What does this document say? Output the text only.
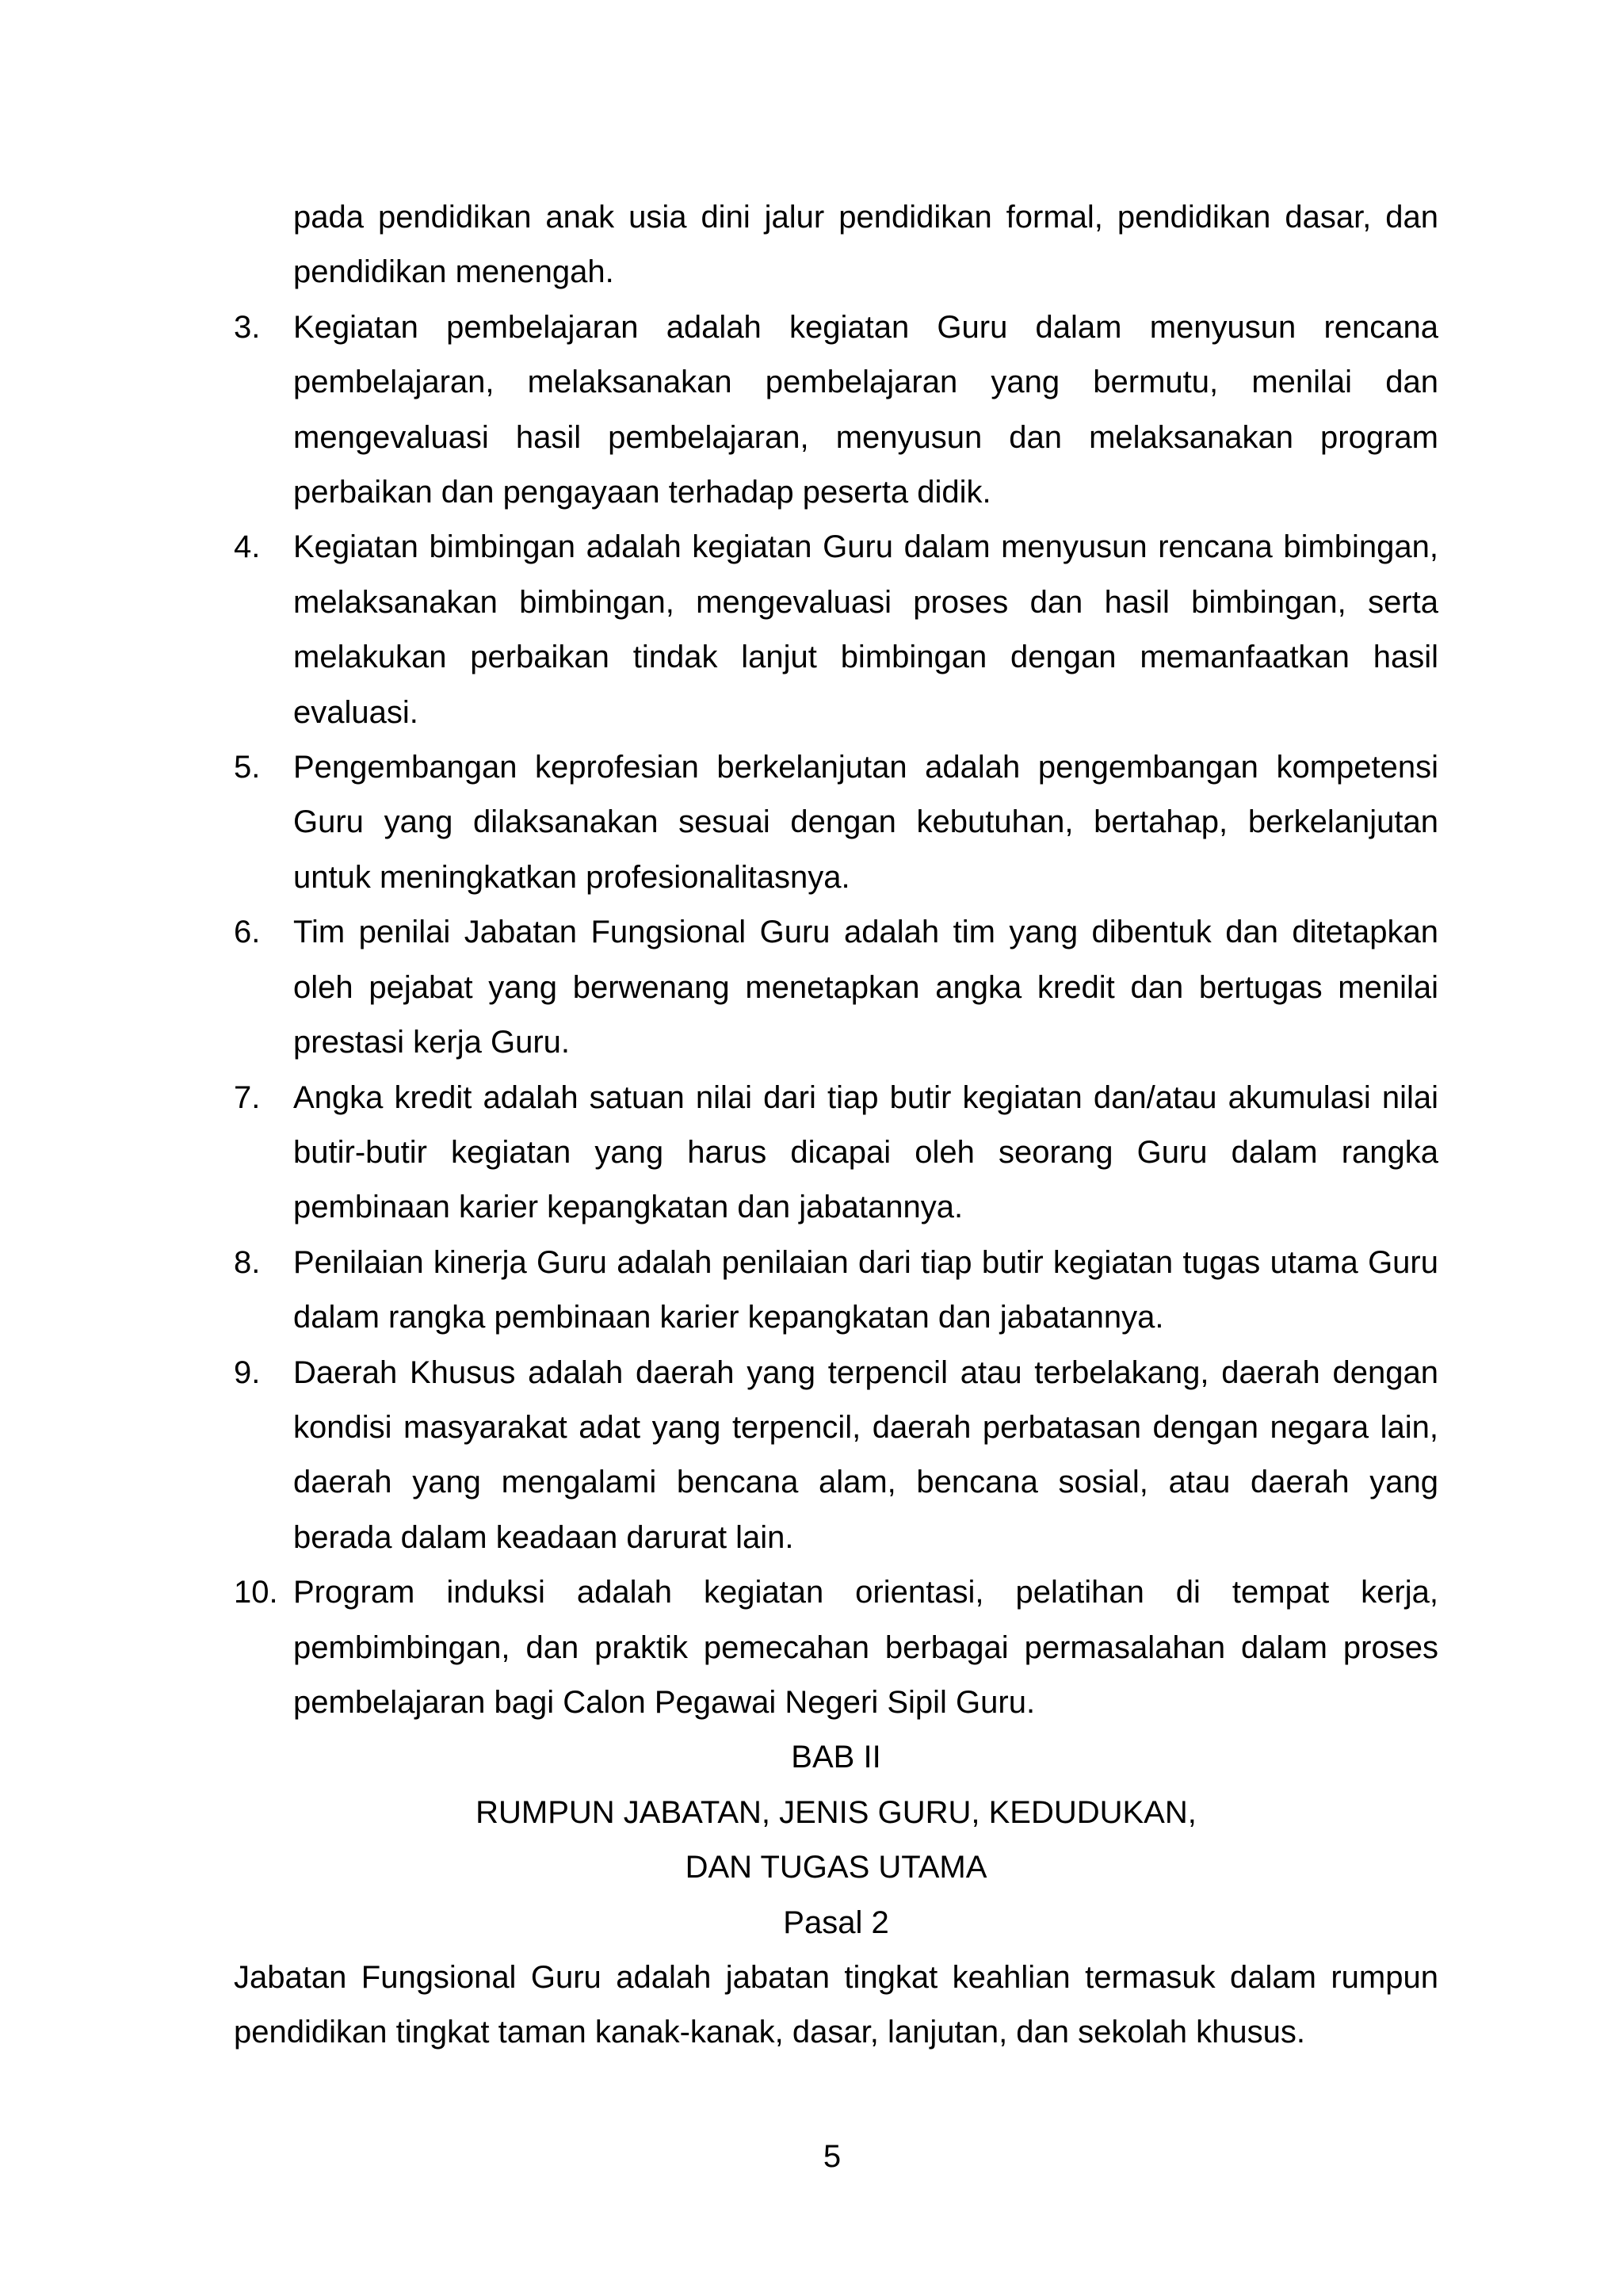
pada pendidikan anak usia dini jalur pendidikan formal, pendidikan dasar, dan pendidikan menengah.
3. Kegiatan pembelajaran adalah kegiatan Guru dalam menyusun rencana pembelajaran, melaksanakan pembelajaran yang bermutu, menilai dan mengevaluasi hasil pembelajaran, menyusun dan melaksanakan program perbaikan dan pengayaan terhadap peserta didik.
4. Kegiatan bimbingan adalah kegiatan Guru dalam menyusun rencana bimbingan, melaksanakan bimbingan, mengevaluasi proses dan hasil bimbingan, serta melakukan perbaikan tindak lanjut bimbingan dengan memanfaatkan hasil evaluasi.
5. Pengembangan keprofesian berkelanjutan adalah pengembangan kompetensi Guru yang dilaksanakan sesuai dengan kebutuhan, bertahap, berkelanjutan untuk meningkatkan profesionalitasnya.
6. Tim penilai Jabatan Fungsional Guru adalah tim yang dibentuk dan ditetapkan oleh pejabat yang berwenang menetapkan angka kredit dan bertugas menilai prestasi kerja Guru.
7. Angka kredit adalah satuan nilai dari tiap butir kegiatan dan/atau akumulasi nilai butir-butir kegiatan yang harus dicapai oleh seorang Guru dalam rangka pembinaan karier kepangkatan dan jabatannya.
8. Penilaian kinerja Guru adalah penilaian dari tiap butir kegiatan tugas utama Guru dalam rangka pembinaan karier kepangkatan dan jabatannya.
9. Daerah Khusus adalah daerah yang terpencil atau terbelakang, daerah dengan kondisi masyarakat adat yang terpencil, daerah perbatasan dengan negara lain, daerah yang mengalami bencana alam, bencana sosial, atau daerah yang berada dalam keadaan darurat lain.
10. Program induksi adalah kegiatan orientasi, pelatihan di tempat kerja, pembimbingan, dan praktik pemecahan berbagai permasalahan dalam proses pembelajaran bagi Calon Pegawai Negeri Sipil Guru.
BAB II
RUMPUN JABATAN, JENIS GURU, KEDUDUKAN,
DAN TUGAS UTAMA
Pasal 2
Jabatan Fungsional Guru adalah jabatan tingkat keahlian termasuk dalam rumpun pendidikan tingkat taman kanak-kanak, dasar, lanjutan, dan sekolah khusus.
5
